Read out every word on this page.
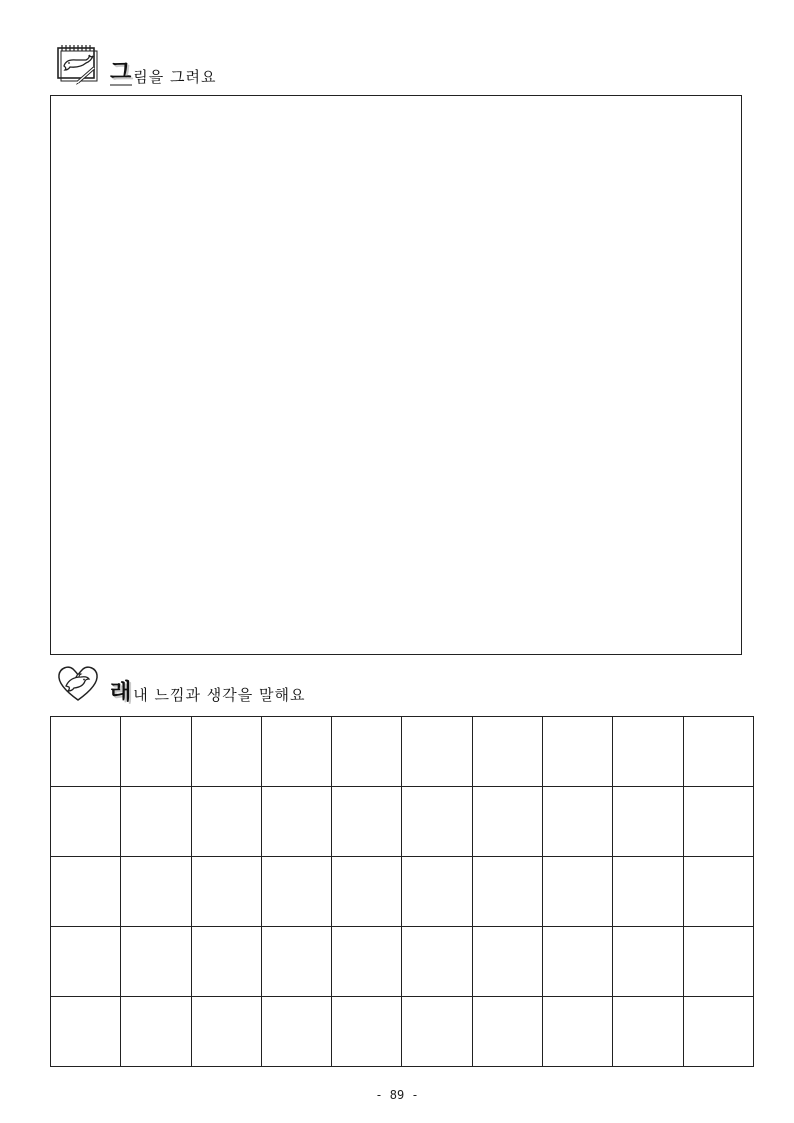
그 림을 그려요
래 내 느낌과 생각을 말해요

- 89 -
